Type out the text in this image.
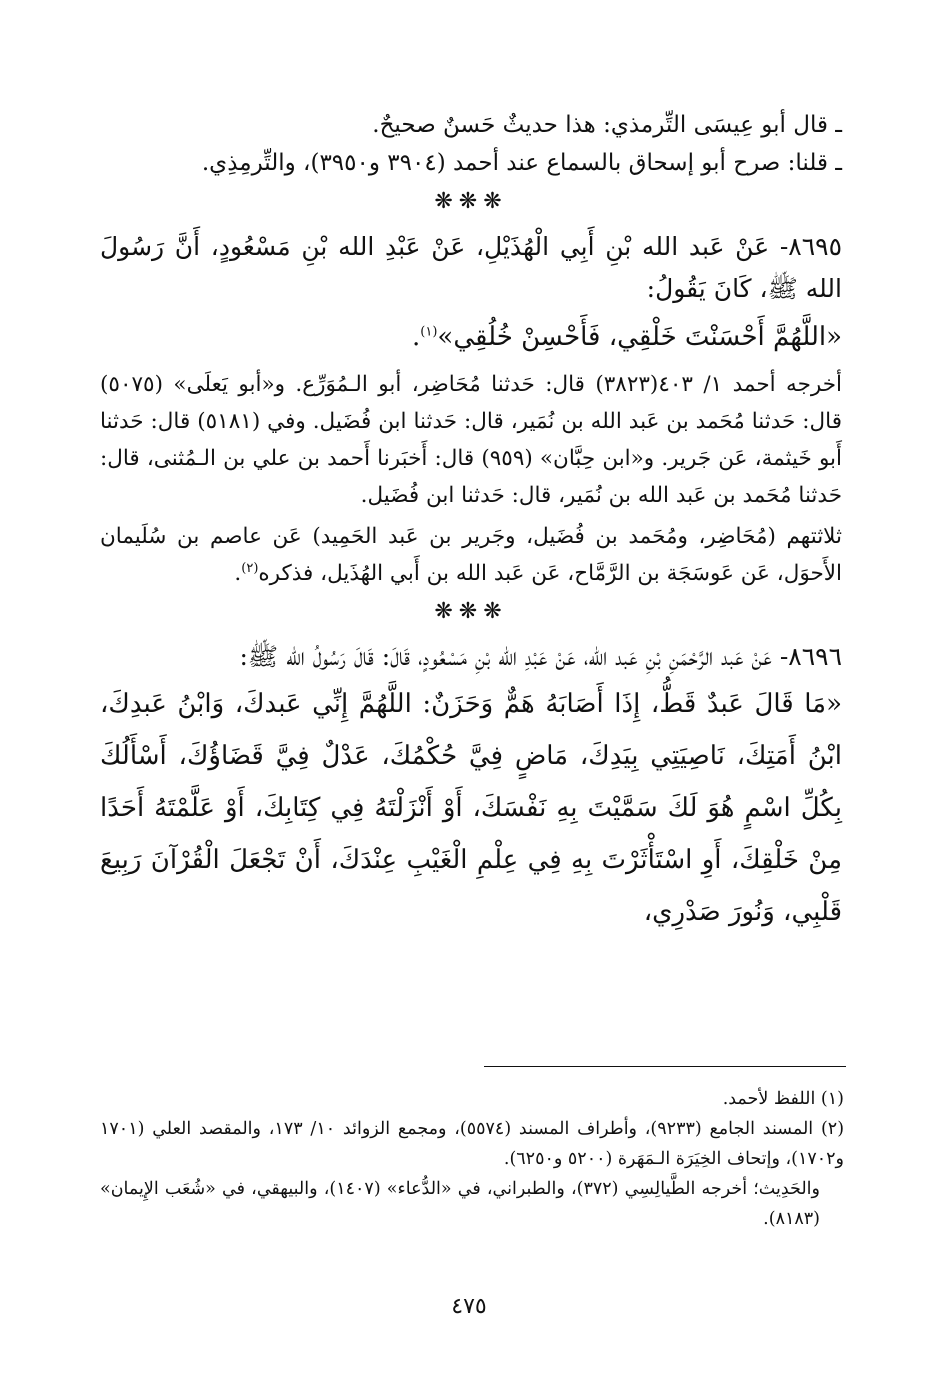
ـ قال أبو عِيسَى التِّرمذي: هذا حديثٌ حَسنٌ صحيحٌ.

ـ قلنا: صرح أبو إسحاق بالسماع عند أحمد (٣٩٠٤ و٣٩٥٠)، والتِّرمِذِي.

❋❋❋

٨٦٩٥- عَنْ عَبد الله بْنِ أَبِي الْهُذَيْلِ، عَنْ عَبْدِ الله بْنِ مَسْعُودٍ، أَنَّ رَسُولَ الله ﷺ، كَانَ يَقُولُ:

«اللَّهُمَّ أَحْسَنْتَ خَلْقِي، فَأَحْسِنْ خُلُقِي»$^{(١)}$.

أخرجه أحمد ١/ ٤٠٣(٣٨٢٣) قال: حَدثنا مُحَاضِر، أبو الـمُوَرِّع. و«أبو يَعلَى» (٥٠٧٥) قال: حَدثنا مُحَمد بن عَبد الله بن نُمَير، قال: حَدثنا ابن فُضَيل. وفي (٥١٨١) قال: حَدثنا أَبو خَيثمة، عَن جَرير. و«ابن حِبَّان» (٩٥٩) قال: أَخبَرنا أَحمد بن علي بن الـمُثنى، قال: حَدثنا مُحَمد بن عَبد الله بن نُمَير، قال: حَدثنا ابن فُضَيل.

ثلاثتهم (مُحَاضِر، ومُحَمد بن فُضَيل، وجَرير بن عَبد الحَمِيد) عَن عاصم بن سُلَيمان الأَحوَل، عَن عَوسَجَة بن الرَّمَّاح، عَن عَبد الله بن أَبي الهُذَيل، فذكره$^{(٢)}$.

❋❋❋

٨٦٩٦- عَنْ عَبد الرَّحْمَنِ بْنِ عَبد الله، عَنْ عَبْدِ الله بْنِ مَسْعُودٍ، قَالَ: قَالَ رَسُولُ الله ﷺ:

«مَا قَالَ عَبدٌ قَطُّ، إِذَا أَصَابَهُ هَمٌّ وَحَزَنٌ: اللَّهُمَّ إِنِّي عَبدكَ، وَابْنُ عَبدِكَ، ابْنُ أَمَتِكَ، نَاصِيَتِي بِيَدِكَ، مَاضٍ فِيَّ حُكْمُكَ، عَدْلٌ فِيَّ قَضَاؤُكَ، أَسْأَلُكَ بِكُلِّ اسْمٍ هُوَ لَكَ سَمَّيْتَ بِهِ نَفْسَكَ، أَوْ أَنْزَلْتَهُ فِي كِتَابِكَ، أَوْ عَلَّمْتَهُ أَحَدًا مِنْ خَلْقِكَ، أَوِ اسْتَأْثَرْتَ بِهِ فِي عِلْمِ الْغَيْبِ عِنْدَكَ، أَنْ تَجْعَلَ الْقُرْآنَ رَبِيعَ قَلْبِي، وَنُورَ صَدْرِي،

(١) اللفظ لأحمد.

(٢) المسند الجامع (٩٢٣٣)، وأطراف المسند (٥٥٧٤)، ومجمع الزوائد ١٠/ ١٧٣، والمقصد العلي (١٧٠١ و١٧٠٢)، وإتحاف الخِيَرَة الـمَهَرة (٥٢٠٠ و٦٢٥٠).

والحَدِيث؛ أخرجه الطَّيالِسِي (٣٧٢)، والطبراني، في «الدُّعاء» (١٤٠٧)، والبيهقي، في «شُعَب الإِيمان» (٨١٨٣).

٤٧٥
